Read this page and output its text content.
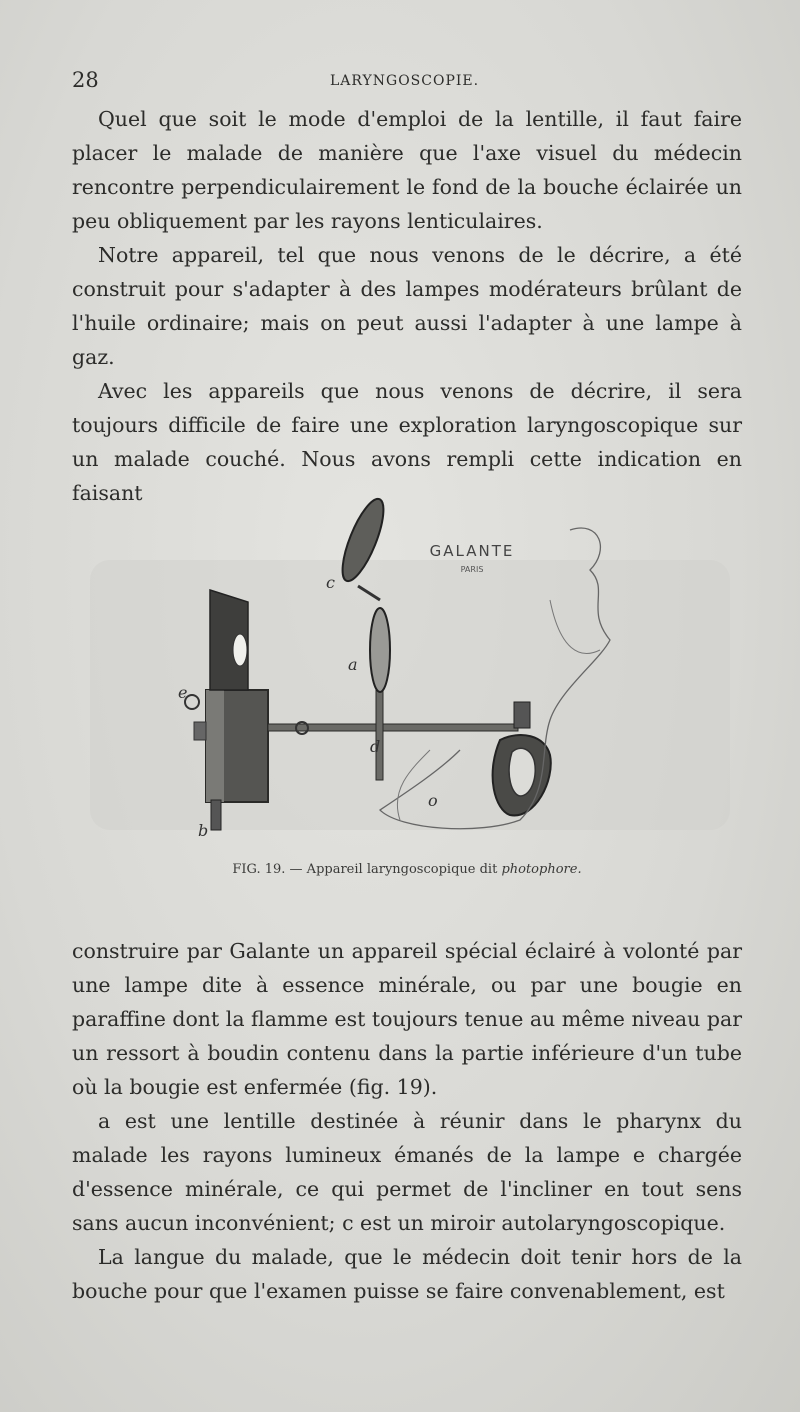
28	LARYNGOSCOPIE.

Quel que soit le mode d'emploi de la lentille, il faut faire placer le malade de manière que l'axe visuel du médecin rencontre perpendiculairement le fond de la bouche éclairée un peu obliquement par les rayons lenticulaires.

Notre appareil, tel que nous venons de le décrire, a été construit pour s'adapter à des lampes modérateurs brûlant de l'huile ordinaire; mais on peut aussi l'adapter à une lampe à gaz.

Avec les appareils que nous venons de décrire, il sera toujours difficile de faire une exploration laryngoscopique sur un malade couché. Nous avons rempli cette indication en faisant

GALANTE
PARIS
c
a
e
b
d
o
FIG. 19. — Appareil laryngoscopique dit photophore.

construire par Galante un appareil spécial éclairé à volonté par une lampe dite à essence minérale, ou par une bougie en paraffine dont la flamme est toujours tenue au même niveau par un ressort à boudin contenu dans la partie inférieure d'un tube où la bougie est enfermée (fig. 19).

a est une lentille destinée à réunir dans le pharynx du malade les rayons lumineux émanés de la lampe e chargée d'essence minérale, ce qui permet de l'incliner en tout sens sans aucun inconvénient; c est un miroir autolaryngoscopique.

La langue du malade, que le médecin doit tenir hors de la bouche pour que l'examen puisse se faire convenablement, est
